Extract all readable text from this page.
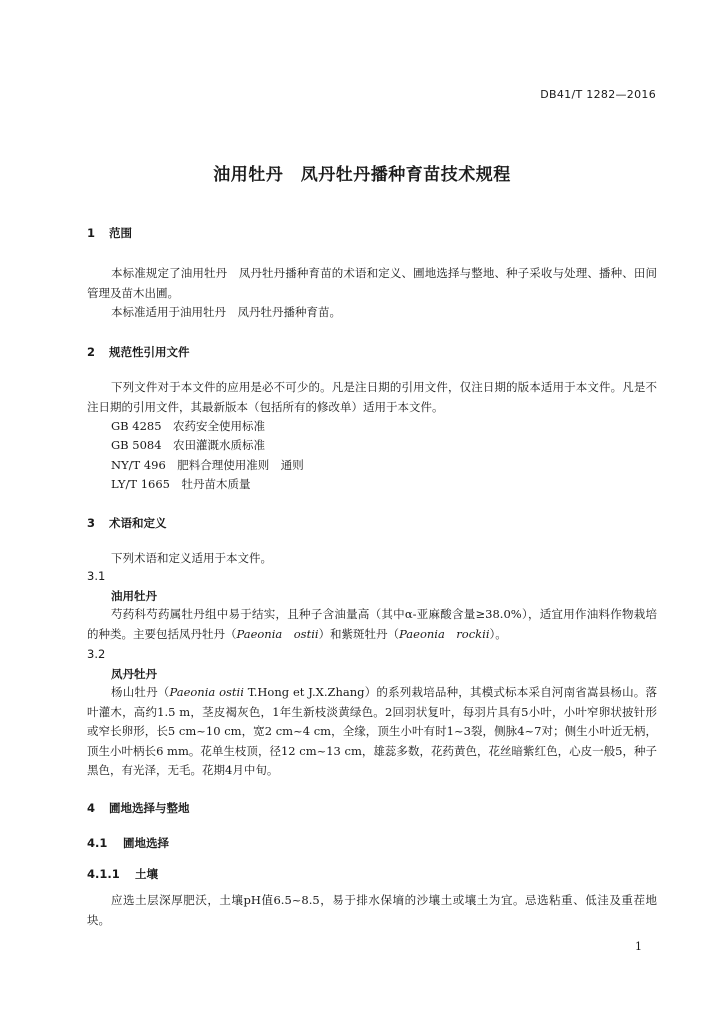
DB41/T 1282—2016
油用牡丹　凤丹牡丹播种育苗技术规程
1 范围
本标准规定了油用牡丹　凤丹牡丹播种育苗的术语和定义、圃地选择与整地、种子采收与处理、播种、田间管理及苗木出圃。
本标准适用于油用牡丹　凤丹牡丹播种育苗。
2 规范性引用文件
下列文件对于本文件的应用是必不可少的。凡是注日期的引用文件，仅注日期的版本适用于本文件。凡是不注日期的引用文件，其最新版本（包括所有的修改单）适用于本文件。
GB 4285　农药安全使用标准
GB 5084　农田灌溉水质标准
NY/T 496　肥料合理使用准则　通则
LY/T 1665　牡丹苗木质量
3 术语和定义
下列术语和定义适用于本文件。
3.1
油用牡丹
芍药科芍药属牡丹组中易于结实，且种子含油量高（其中α-亚麻酸含量≥38.0%），适宜用作油料作物栽培的种类。主要包括凤丹牡丹（Paeonia　ostii）和紫斑牡丹（Paeonia　rockii）。
3.2
凤丹牡丹
杨山牡丹（Paeonia ostii T.Hong et J.X.Zhang）的系列栽培品种，其模式标本采自河南省嵩县杨山。落叶灌木，高约1.5 m，茎皮褐灰色，1年生新枝淡黄绿色。2回羽状复叶，每羽片具有5小叶，小叶窄卵状披针形或窄长卵形，长5 cm~10 cm，宽2 cm~4 cm，全缘，顶生小叶有时1~3裂，侧脉4~7对；侧生小叶近无柄，顶生小叶柄长6 mm。花单生枝顶，径12 cm~13 cm，雄蕊多数，花药黄色，花丝暗紫红色，心皮一般5，种子黑色，有光泽，无毛。花期4月中旬。
4 圃地选择与整地
4.1 圃地选择
4.1.1 土壤
应选土层深厚肥沃，土壤pH值6.5~8.5，易于排水保墒的沙壤土或壤土为宜。忌选粘重、低洼及重茬地块。
1
